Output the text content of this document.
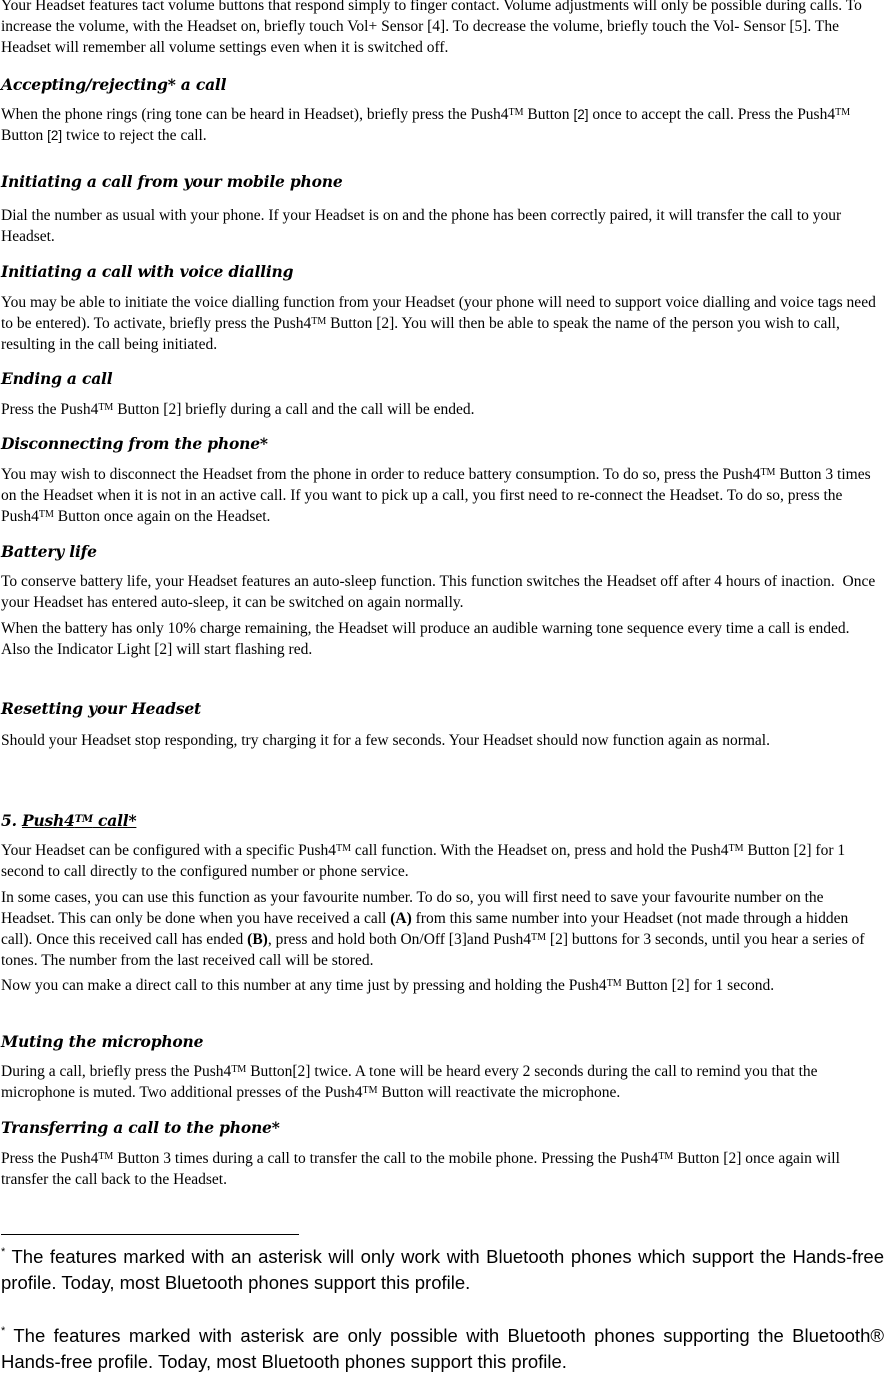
Your Headset features tact volume buttons that respond simply to finger contact. Volume adjustments will only be possible during calls. To increase the volume, with the Headset on, briefly touch Vol+ Sensor [4]. To decrease the volume, briefly touch the Vol- Sensor [5]. The Headset will remember all volume settings even when it is switched off.
Accepting/rejecting* a call
When the phone rings (ring tone can be heard in Headset), briefly press the Push4™ Button [2] once to accept the call. Press the Push4™ Button [2] twice to reject the call.
Initiating a call from your mobile phone
Dial the number as usual with your phone. If your Headset is on and the phone has been correctly paired, it will transfer the call to your Headset.
Initiating a call with voice dialling
You may be able to initiate the voice dialling function from your Headset (your phone will need to support voice dialling and voice tags need to be entered). To activate, briefly press the Push4™ Button [2]. You will then be able to speak the name of the person you wish to call, resulting in the call being initiated.
Ending a call
Press the Push4™ Button [2] briefly during a call and the call will be ended.
Disconnecting from the phone*
You may wish to disconnect the Headset from the phone in order to reduce battery consumption. To do so, press the Push4™ Button 3 times on the Headset when it is not in an active call. If you want to pick up a call, you first need to re-connect the Headset. To do so, press the Push4™ Button once again on the Headset.
Battery life
To conserve battery life, your Headset features an auto-sleep function. This function switches the Headset off after 4 hours of inaction.  Once your Headset has entered auto-sleep, it can be switched on again normally.
When the battery has only 10% charge remaining, the Headset will produce an audible warning tone sequence every time a call is ended. Also the Indicator Light [2] will start flashing red.
Resetting your Headset
Should your Headset stop responding, try charging it for a few seconds. Your Headset should now function again as normal.
5. Push4™ call*
Your Headset can be configured with a specific Push4™ call function. With the Headset on, press and hold the Push4™ Button [2] for 1 second to call directly to the configured number or phone service.
In some cases, you can use this function as your favourite number. To do so, you will first need to save your favourite number on the Headset. This can only be done when you have received a call (A) from this same number into your Headset (not made through a hidden call). Once this received call has ended (B), press and hold both On/Off [3]and Push4™ [2] buttons for 3 seconds, until you hear a series of tones. The number from the last received call will be stored.
Now you can make a direct call to this number at any time just by pressing and holding the Push4™ Button [2] for 1 second.
Muting the microphone
During a call, briefly press the Push4™ Button[2] twice. A tone will be heard every 2 seconds during the call to remind you that the microphone is muted. Two additional presses of the Push4™ Button will reactivate the microphone.
Transferring a call to the phone*
Press the Push4™ Button 3 times during a call to transfer the call to the mobile phone. Pressing the Push4™ Button [2] once again will transfer the call back to the Headset.

* The features marked with an asterisk will only work with Bluetooth phones which support the Hands-free profile. Today, most Bluetooth phones support this profile.

* The features marked with asterisk are only possible with Bluetooth phones supporting the Bluetooth® Hands-free profile. Today, most Bluetooth phones support this profile.
